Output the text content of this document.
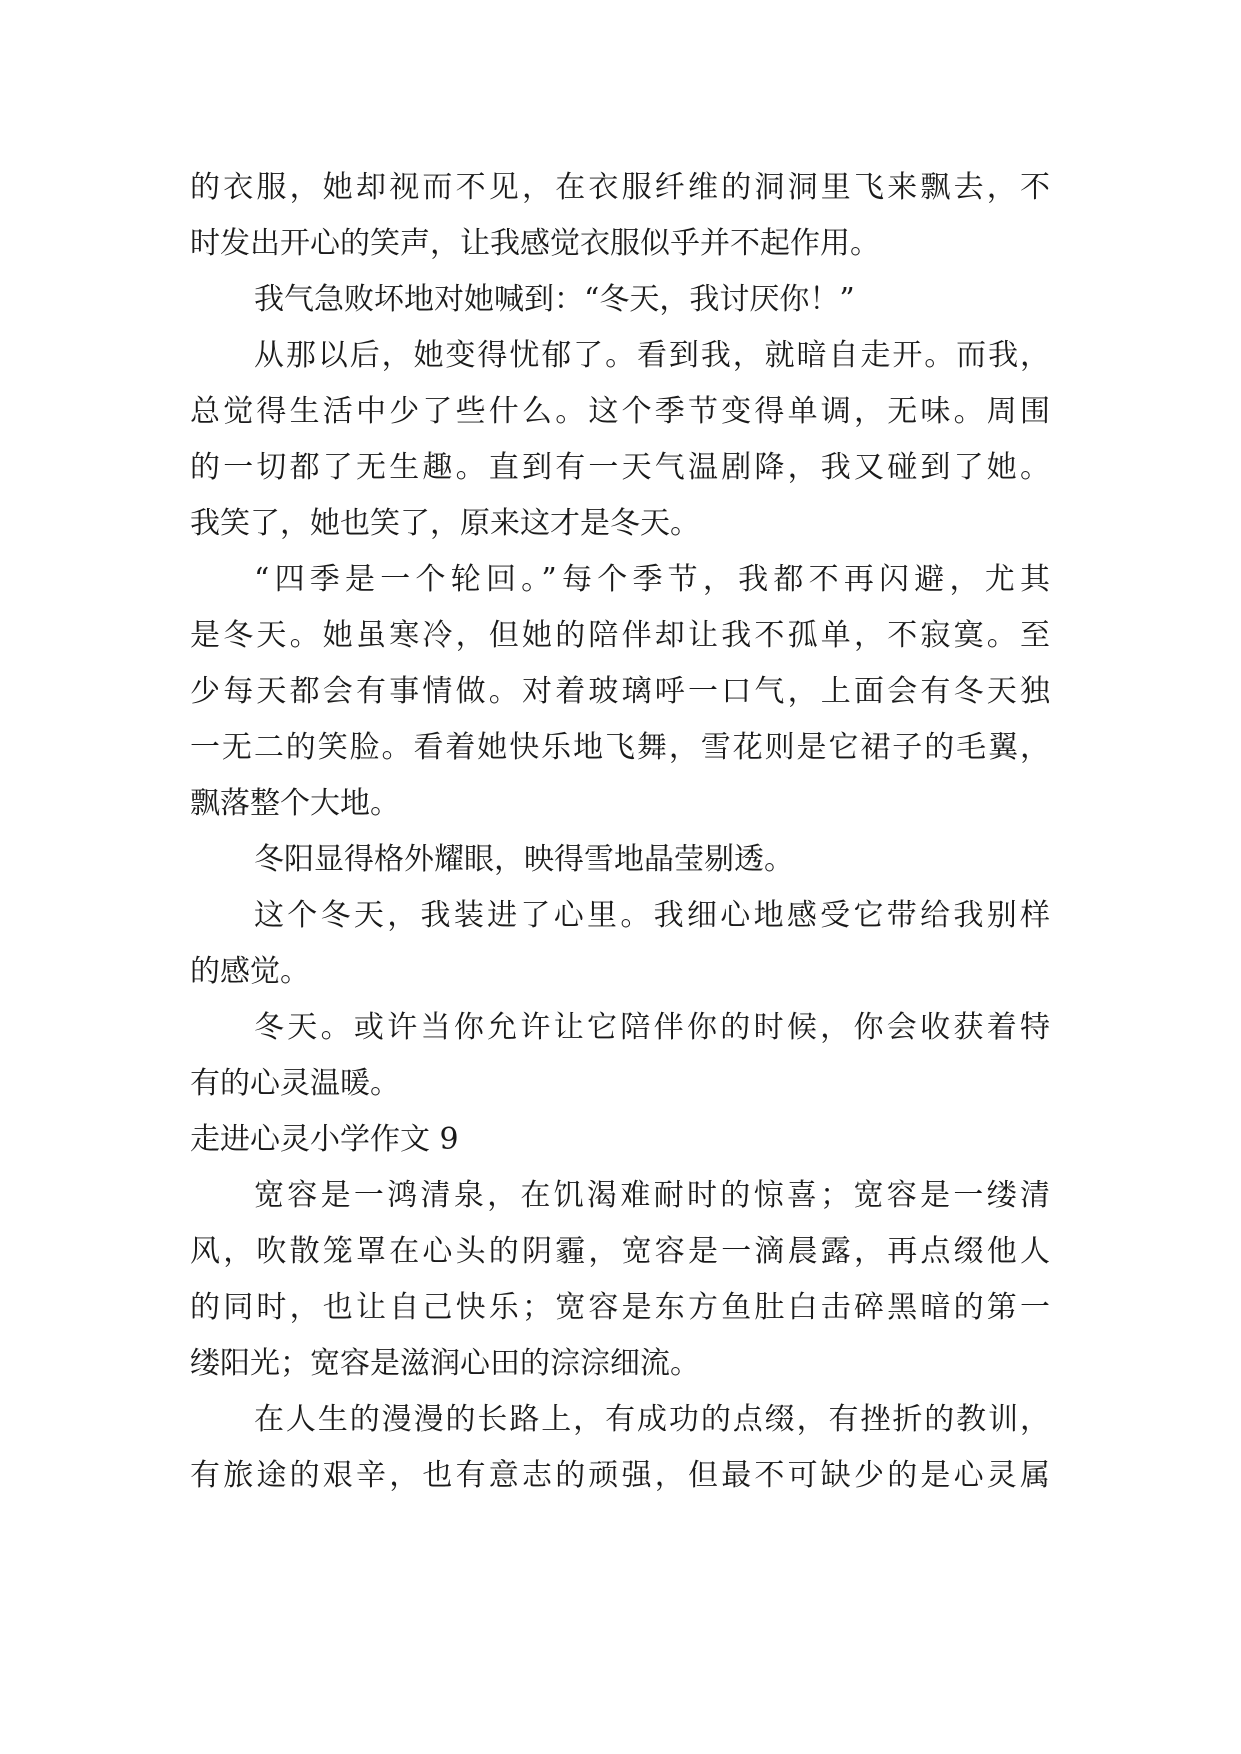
的衣服，她却视而不见，在衣服纤维的洞洞里飞来飘去，不
时发出开心的笑声，让我感觉衣服似乎并不起作用。
我气急败坏地对她喊到：“冬天，我讨厌你！”
从那以后，她变得忧郁了。看到我，就暗自走开。而我，
总觉得生活中少了些什么。这个季节变得单调，无味。周围
的一切都了无生趣。直到有一天气温剧降，我又碰到了她。
我笑了，她也笑了，原来这才是冬天。
“四季是一个轮回。”每个季节，我都不再闪避，尤其
是冬天。她虽寒冷，但她的陪伴却让我不孤单，不寂寞。至
少每天都会有事情做。对着玻璃呼一口气，上面会有冬天独
一无二的笑脸。看着她快乐地飞舞，雪花则是它裙子的毛翼，
飘落整个大地。
冬阳显得格外耀眼，映得雪地晶莹剔透。
这个冬天，我装进了心里。我细心地感受它带给我别样
的感觉。
冬天。或许当你允许让它陪伴你的时候，你会收获着特
有的心灵温暖。
走进心灵小学作文 9
宽容是一鸿清泉，在饥渴难耐时的惊喜；宽容是一缕清
风，吹散笼罩在心头的阴霾，宽容是一滴晨露，再点缀他人
的同时，也让自己快乐；宽容是东方鱼肚白击碎黑暗的第一
缕阳光；宽容是滋润心田的淙淙细流。
在人生的漫漫的长路上，有成功的点缀，有挫折的教训，
有旅途的艰辛，也有意志的顽强，但最不可缺少的是心灵属
